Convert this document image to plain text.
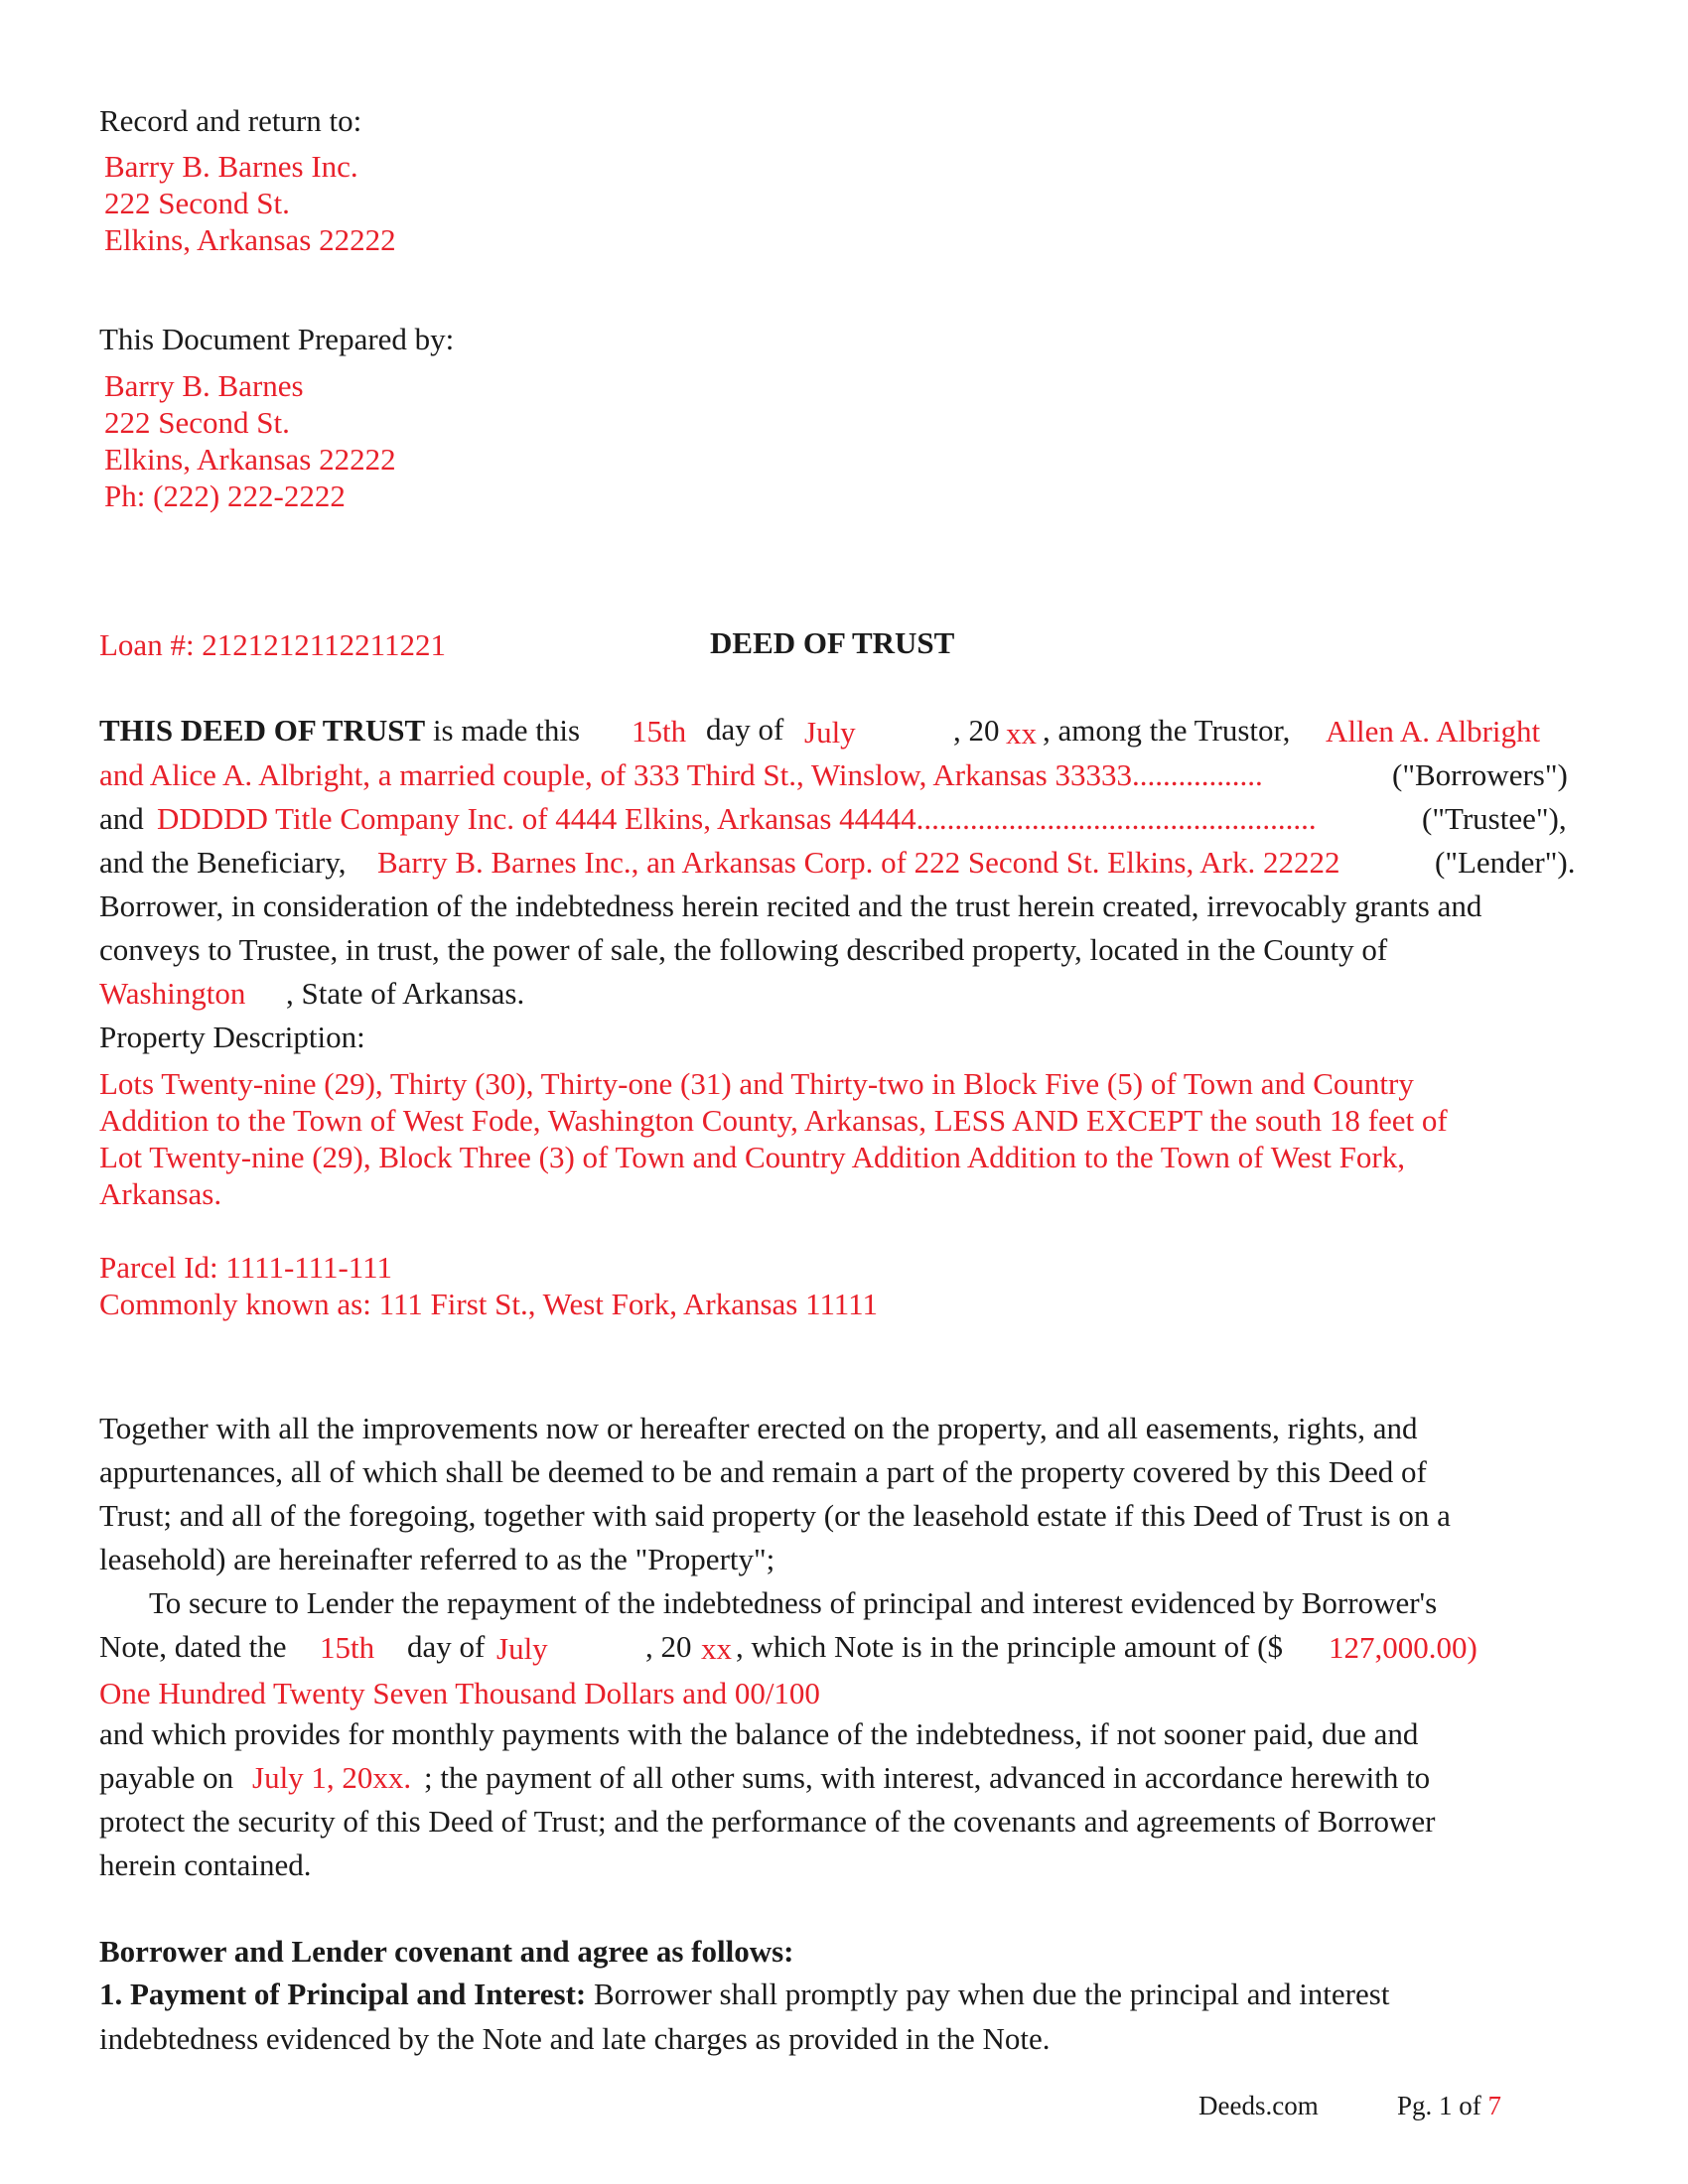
Record and return to:
Barry B. Barnes Inc.
222 Second St.
Elkins, Arkansas 22222
This Document Prepared by:
Barry B. Barnes
222 Second St.
Elkins, Arkansas 22222
Ph: (222) 222-2222
Loan #: 2121212112211221	DEED OF TRUST
THIS DEED OF TRUST is made this 15th day of July	, 20 xx , among the Trustor, Allen A. Albright
and Alice A. Albright, a married couple, of 333 Third St., Winslow, Arkansas 33333.................	("Borrowers")
and DDDDD Title Company Inc. of 4444 Elkins, Arkansas 44444....................................................	("Trustee"),
and the Beneficiary, Barry B. Barnes Inc., an Arkansas Corp. of 222 Second St. Elkins, Ark. 22222	("Lender").
Borrower, in consideration of the indebtedness herein recited and the trust herein created, irrevocably grants and
conveys to Trustee, in trust, the power of sale, the following described property, located in the County of
Washington , State of Arkansas.
Property Description:
Lots Twenty-nine (29), Thirty (30), Thirty-one (31) and Thirty-two in Block Five (5) of Town and Country
Addition to the Town of West Fode, Washington County, Arkansas, LESS AND EXCEPT the south 18 feet of
Lot Twenty-nine (29), Block Three (3) of Town and Country Addition Addition to the Town of West Fork,
Arkansas.
Parcel Id: 1111-111-111
Commonly known as: 111 First St., West Fork, Arkansas 11111
Together with all the improvements now or hereafter erected on the property, and all easements, rights, and
appurtenances, all of which shall be deemed to be and remain a part of the property covered by this Deed of
Trust; and all of the foregoing, together with said property (or the leasehold estate if this Deed of Trust is on a
leasehold) are hereinafter referred to as the "Property";
To secure to Lender the repayment of the indebtedness of principal and interest evidenced by Borrower's
Note, dated the 15th day of July	, 20 xx , which Note is in the principle amount of ($ 127,000.00)
One Hundred Twenty Seven Thousand Dollars and 00/100
and which provides for monthly payments with the balance of the indebtedness, if not sooner paid, due and
payable on July 1, 20xx. ; the payment of all other sums, with interest, advanced in accordance herewith to
protect the security of this Deed of Trust; and the performance of the covenants and agreements of Borrower
herein contained.
Borrower and Lender covenant and agree as follows:
1. Payment of Principal and Interest: Borrower shall promptly pay when due the principal and interest
indebtedness evidenced by the Note and late charges as provided in the Note.
Deeds.com	Pg. 1 of 7
